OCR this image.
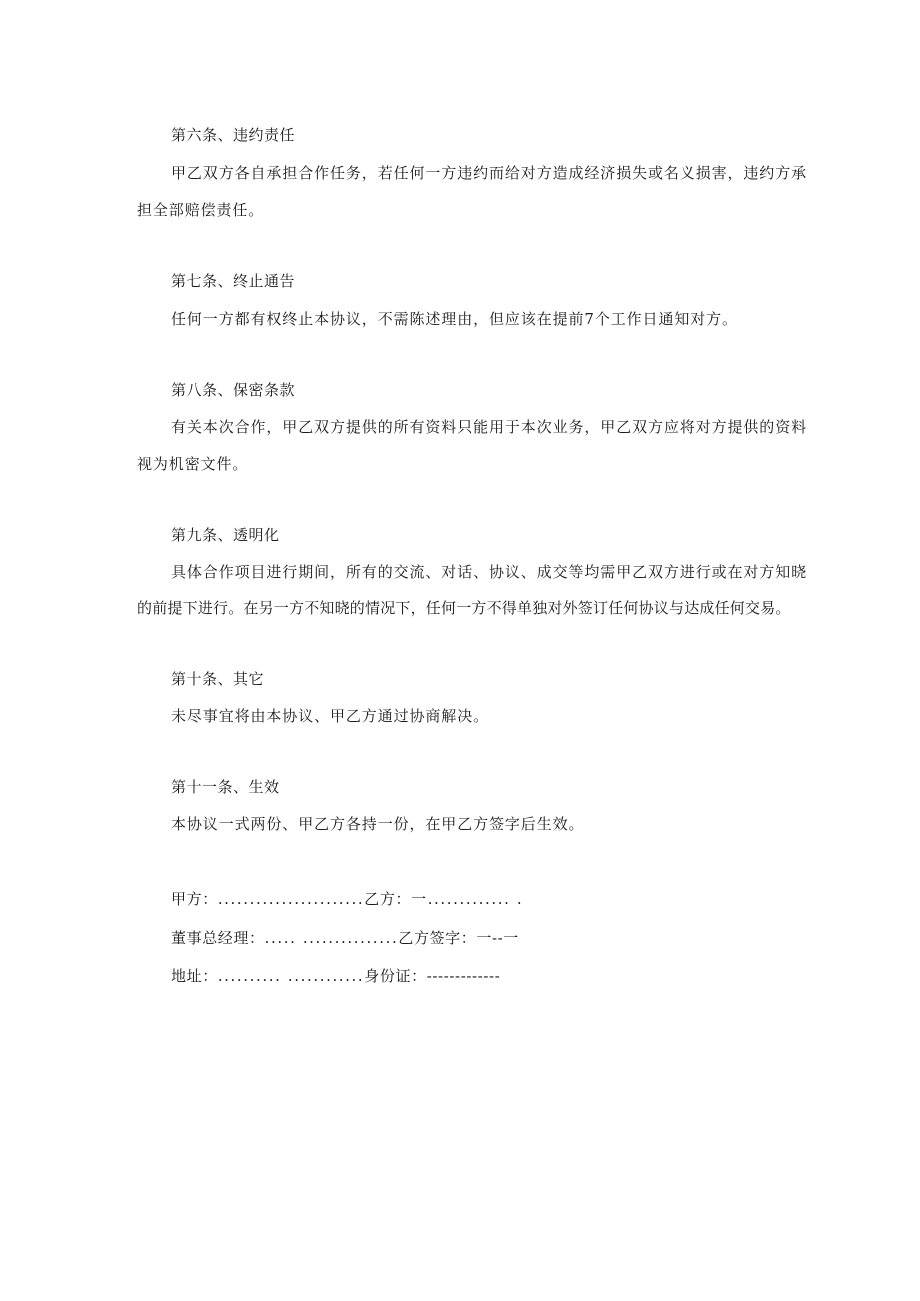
第六条、违约责任
甲乙双方各自承担合作任务，若任何一方违约而给对方造成经济损失或名义损害，违约方承
担全部赔偿责任。
第七条、终止通告
任何一方都有权终止本协议，不需陈述理由，但应该在提前7个工作日通知对方。
第八条、保密条款
有关本次合作，甲乙双方提供的所有资料只能用于本次业务，甲乙双方应将对方提供的资料
视为机密文件。
第九条、透明化
具体合作项目进行期间，所有的交流、对话、协议、成交等均需甲乙双方进行或在对方知晓
的前提下进行。在另一方不知晓的情况下，任何一方不得单独对外签订任何协议与达成任何交易。
第十条、其它
未尽事宜将由本协议、甲乙方通过协商解决。
第十一条、生效
本协议一式两份、甲乙方各持一份，在甲乙方签字后生效。
甲方：.......................乙方：一............. .
董事总经理：..... ...............乙方签字：一--一
地址：.......... ............身份证：-------------
